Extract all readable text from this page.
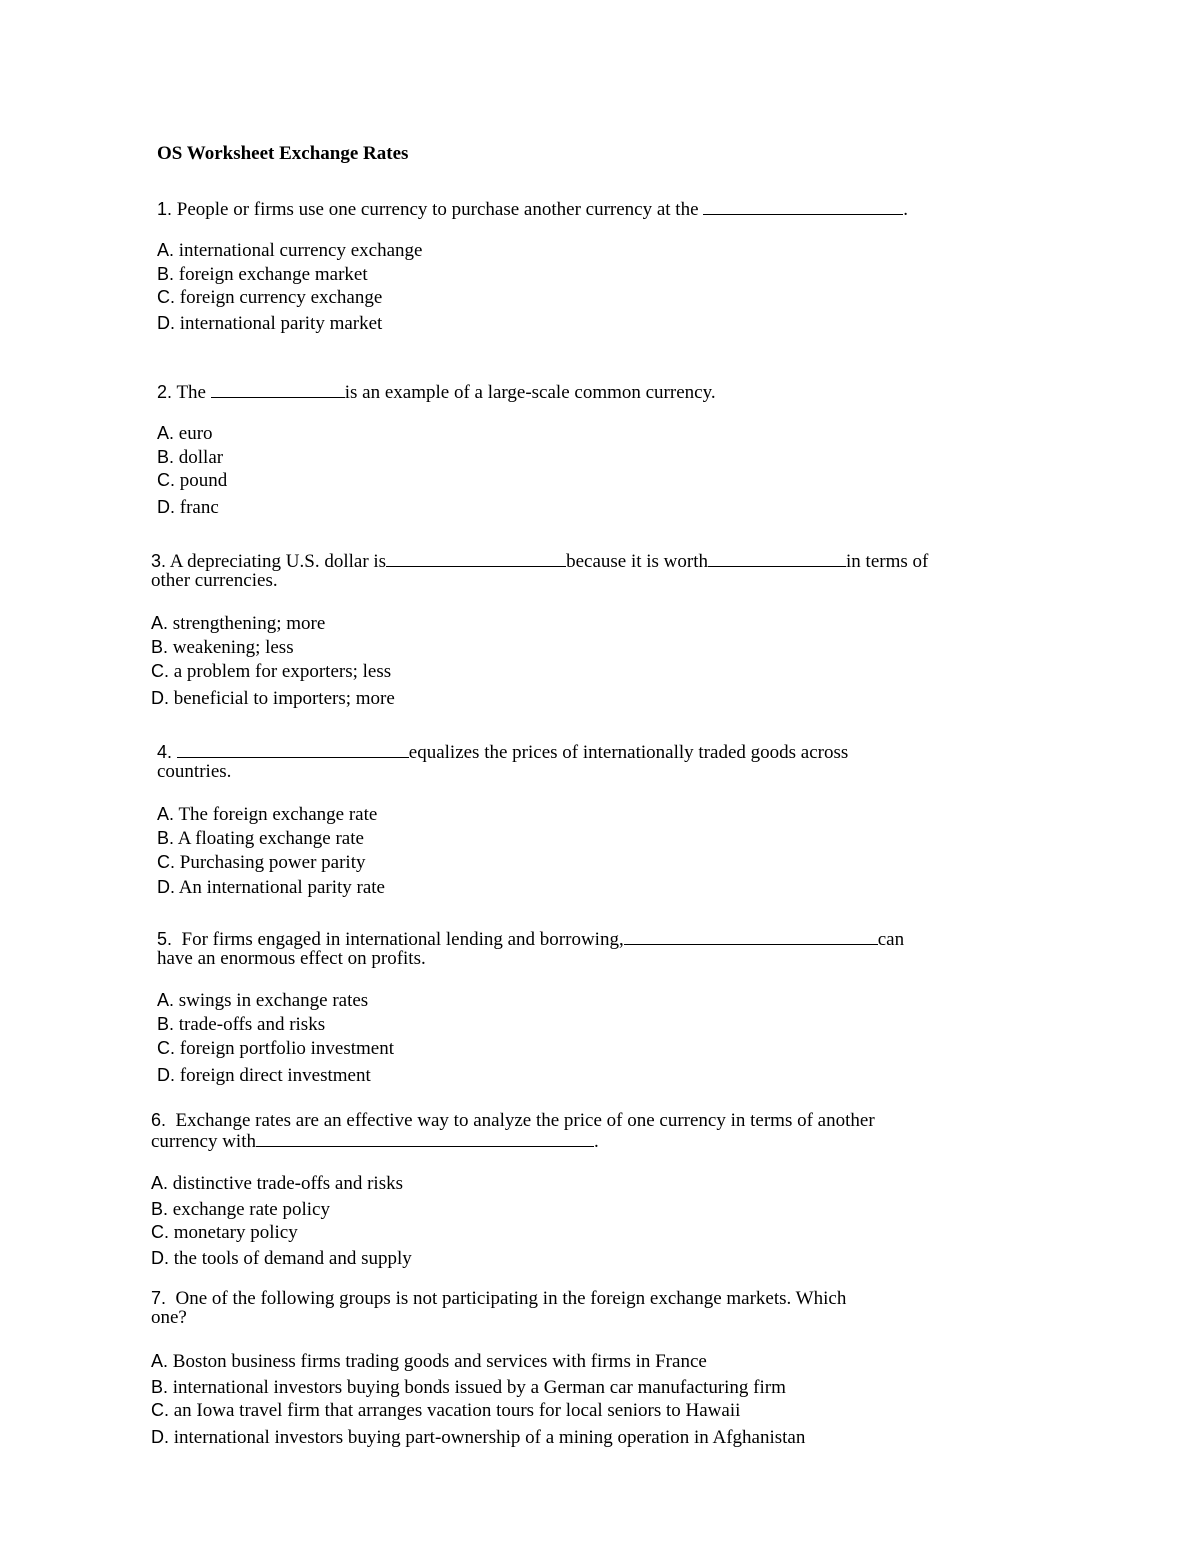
OS Worksheet Exchange Rates
1. People or firms use one currency to purchase another currency at the	.
A. international currency exchange
B. foreign exchange market
C. foreign currency exchange
D. international parity market
2. The	is an example of a large-scale common currency.
A. euro
B. dollar
C. pound
D. franc
3. A depreciating U.S. dollar is	because it is worth	in terms of
other currencies.
A. strengthening; more
B. weakening; less
C. a problem for exporters; less
D. beneficial to importers; more
4.	equalizes the prices of internationally traded goods across
countries.
A. The foreign exchange rate
B. A floating exchange rate
C. Purchasing power parity
D. An international parity rate
5. For firms engaged in international lending and borrowing,	can
have an enormous effect on profits.
A. swings in exchange rates
B. trade-offs and risks
C. foreign portfolio investment
D. foreign direct investment
6. Exchange rates are an effective way to analyze the price of one currency in terms of another
currency with	.
A. distinctive trade-offs and risks
B. exchange rate policy
C. monetary policy
D. the tools of demand and supply
7. One of the following groups is not participating in the foreign exchange markets. Which
one?
A. Boston business firms trading goods and services with firms in France
B. international investors buying bonds issued by a German car manufacturing firm
C. an Iowa travel firm that arranges vacation tours for local seniors to Hawaii
D. international investors buying part-ownership of a mining operation in Afghanistan
